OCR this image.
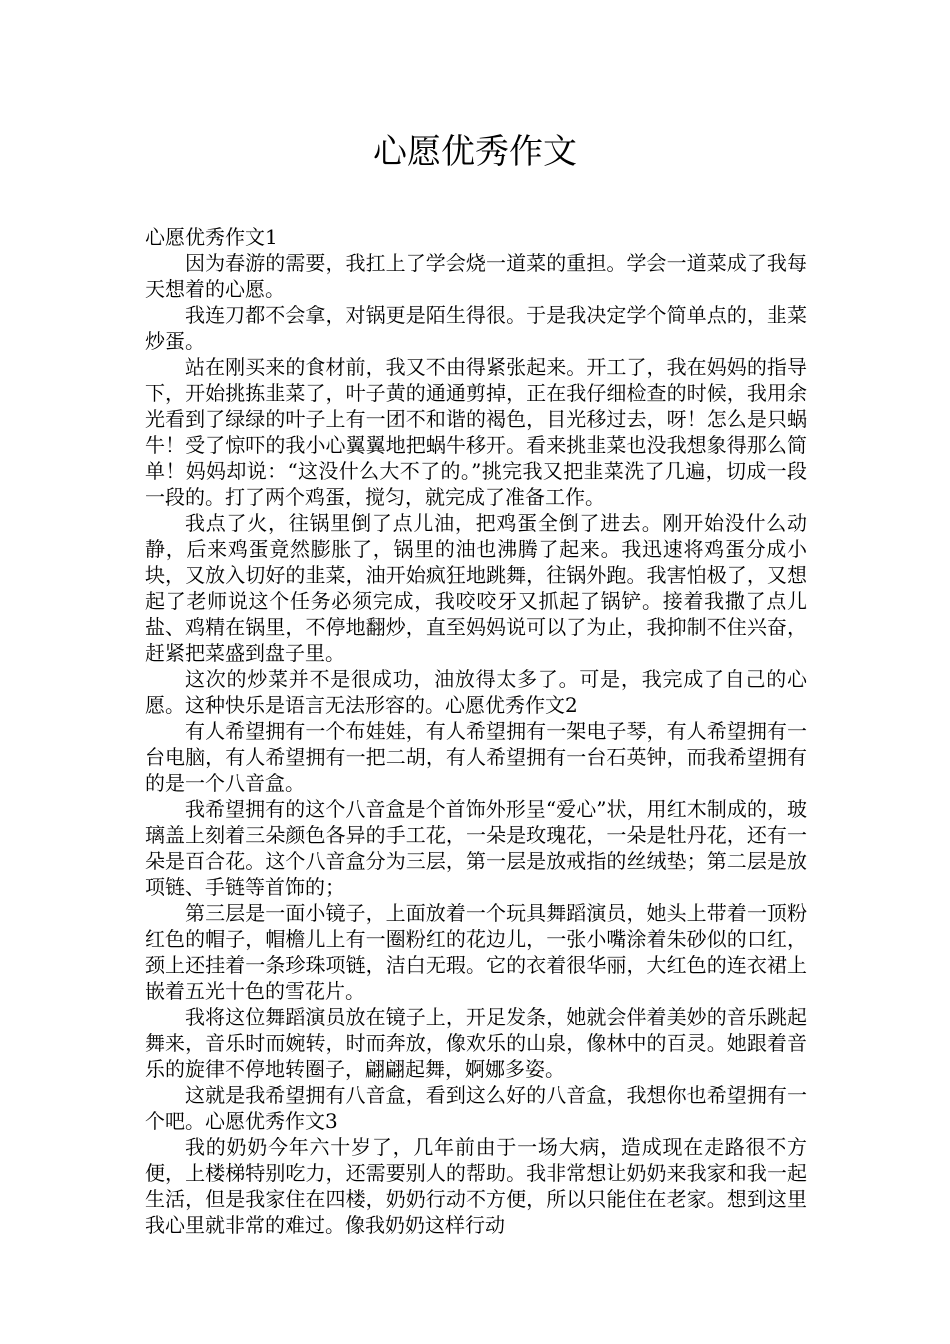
心愿优秀作文

心愿优秀作文1

因为春游的需要，我扛上了学会烧一道菜的重担。学会一道菜成了我每天想着的心愿。

我连刀都不会拿，对锅更是陌生得很。于是我决定学个简单点的，韭菜炒蛋。

站在刚买来的食材前，我又不由得紧张起来。开工了，我在妈妈的指导下，开始挑拣韭菜了，叶子黄的通通剪掉，正在我仔细检查的时候，我用余光看到了绿绿的叶子上有一团不和谐的褐色，目光移过去，呀！怎么是只蜗牛！受了惊吓的我小心翼翼地把蜗牛移开。看来挑韭菜也没我想象得那么简单！妈妈却说：“这没什么大不了的。”挑完我又把韭菜洗了几遍，切成一段一段的。打了两个鸡蛋，搅匀，就完成了准备工作。

我点了火，往锅里倒了点儿油，把鸡蛋全倒了进去。刚开始没什么动静，后来鸡蛋竟然膨胀了，锅里的油也沸腾了起来。我迅速将鸡蛋分成小块，又放入切好的韭菜，油开始疯狂地跳舞，往锅外跑。我害怕极了，又想起了老师说这个任务必须完成，我咬咬牙又抓起了锅铲。接着我撒了点儿盐、鸡精在锅里，不停地翻炒，直至妈妈说可以了为止，我抑制不住兴奋，赶紧把菜盛到盘子里。

这次的炒菜并不是很成功，油放得太多了。可是，我完成了自己的心愿。这种快乐是语言无法形容的。心愿优秀作文2

有人希望拥有一个布娃娃，有人希望拥有一架电子琴，有人希望拥有一台电脑，有人希望拥有一把二胡，有人希望拥有一台石英钟，而我希望拥有的是一个八音盒。

我希望拥有的这个八音盒是个首饰外形呈“爱心”状，用红木制成的，玻璃盖上刻着三朵颜色各异的手工花，一朵是玫瑰花，一朵是牡丹花，还有一朵是百合花。这个八音盒分为三层，第一层是放戒指的丝绒垫；第二层是放项链、手链等首饰的；

第三层是一面小镜子，上面放着一个玩具舞蹈演员，她头上带着一顶粉红色的帽子，帽檐儿上有一圈粉红的花边儿，一张小嘴涂着朱砂似的口红，颈上还挂着一条珍珠项链，洁白无瑕。它的衣着很华丽，大红色的连衣裙上嵌着五光十色的雪花片。

我将这位舞蹈演员放在镜子上，开足发条，她就会伴着美妙的音乐跳起舞来，音乐时而婉转，时而奔放，像欢乐的山泉，像林中的百灵。她跟着音乐的旋律不停地转圈子，翩翩起舞，婀娜多姿。

这就是我希望拥有八音盒，看到这么好的八音盒，我想你也希望拥有一个吧。心愿优秀作文3

我的奶奶今年六十岁了，几年前由于一场大病，造成现在走路很不方便，上楼梯特别吃力，还需要别人的帮助。我非常想让奶奶来我家和我一起生活，但是我家住在四楼，奶奶行动不方便，所以只能住在老家。想到这里我心里就非常的难过。像我奶奶这样行动
